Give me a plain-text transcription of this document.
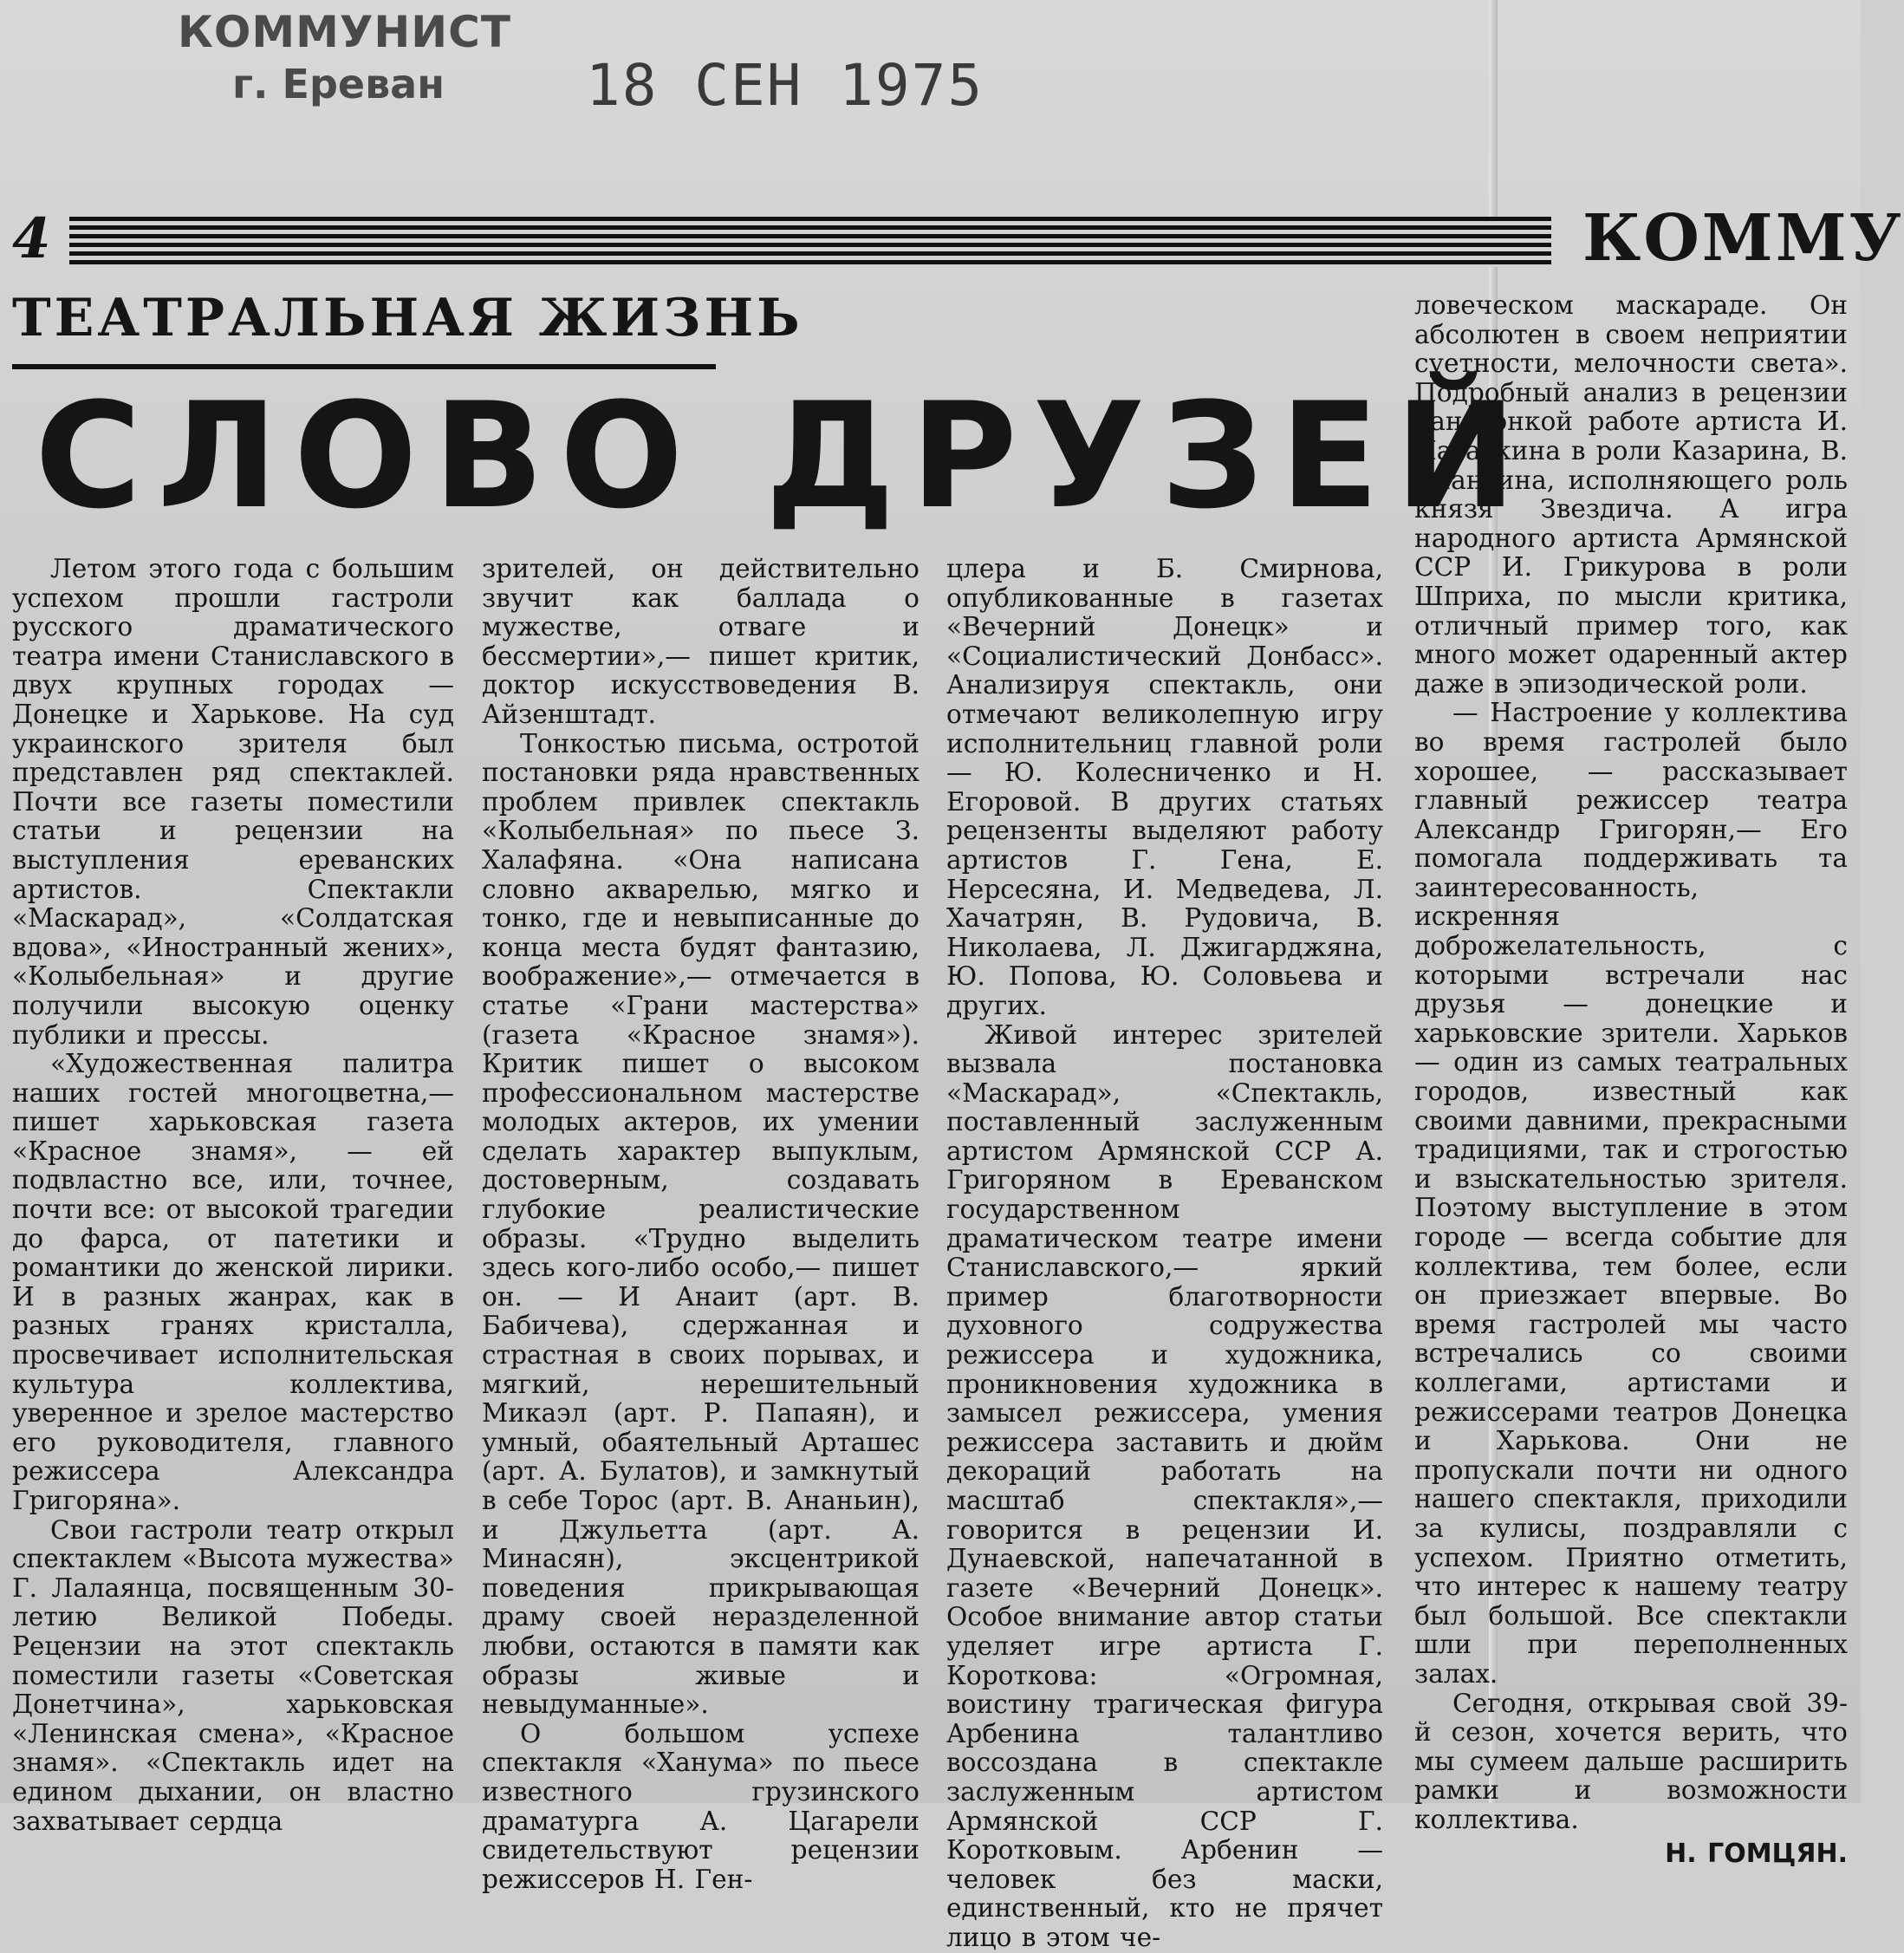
КОММУНИСТ
г. Ереван 18 СЕН 1975
4	КОММУ
ТЕАТРАЛЬНАЯ ЖИЗНЬ
СЛОВО ДРУЗЕЙ

Летом этого года с большим успехом прошли гастроли русского драматического театра имени Станиславского в двух крупных городах — Донецке и Харькове. На суд украинского зрителя был представлен ряд спектаклей. Почти все газеты поместили статьи и рецензии на выступления ереванских артистов. Спектакли «Маскарад», «Солдатская вдова», «Иностранный жених», «Колыбельная» и другие получили высокую оценку публики и прессы.

«Художественная палитра наших гостей многоцветна,— пишет харьковская газета «Красное знамя», — ей подвластно все, или, точнее, почти все: от высокой трагедии до фарса, от патетики и романтики до женской лирики. И в разных жанрах, как в разных гранях кристалла, просвечивает исполнительская культура коллектива, уверенное и зрелое мастерство его руководителя, главного режиссера Александра Григоряна».

Свои гастроли театр открыл спектаклем «Высота мужества» Г. Лалаянца, посвященным 30-летию Великой Победы. Рецензии на этот спектакль поместили газеты «Советская Донетчина», харьковская «Ленинская смена», «Красное знамя». «Спектакль идет на едином дыхании, он властно захватывает сердца

зрителей, он действительно звучит как баллада о мужестве, отваге и бессмертии»,— пишет критик, доктор искусствоведения В. Айзенштадт.

Тонкостью письма, остротой постановки ряда нравственных проблем привлек спектакль «Колыбельная» по пьесе З. Халафяна. «Она написана словно акварелью, мягко и тонко, где и невыписанные до конца места будят фантазию, воображение»,— отмечается в статье «Грани мастерства» (газета «Красное знамя»). Критик пишет о высоком профессиональном мастерстве молодых актеров, их умении сделать характер выпуклым, достоверным, создавать глубокие реалистические образы. «Трудно выделить здесь кого-либо особо,— пишет он. — И Анаит (арт. В. Бабичева), сдержанная и страстная в своих порывах, и мягкий, нерешительный Микаэл (арт. Р. Папаян), и умный, обаятельный Арташес (арт. А. Булатов), и замкнутый в себе Торос (арт. В. Ананьин), и Джульетта (арт. А. Минасян), эксцентрикой поведения прикрывающая драму своей неразделенной любви, остаются в памяти как образы живые и невыдуманные».

О большом успехе спектакля «Ханума» по пьесе известного грузинского драматурга А. Цагарели свидетельствуют рецензии режиссеров Н. Ген-

цлера и Б. Смирнова, опубликованные в газетах «Вечерний Донецк» и «Социалистический Донбасс». Анализируя спектакль, они отмечают великолепную игру исполнительниц главной роли — Ю. Колесниченко и Н. Егоровой. В других статьях рецензенты выделяют работу артистов Г. Гена, Е. Нерсесяна, И. Медведева, Л. Хачатрян, В. Рудовича, В. Николаева, Л. Джигарджяна, Ю. Попова, Ю. Соловьева и других.

Живой интерес зрителей вызвала постановка «Маскарад», «Спектакль, поставленный заслуженным артистом Армянской ССР А. Григоряном в Ереванском государственном драматическом театре имени Станиславского,— яркий пример благотворности духовного содружества режиссера и художника, проникновения художника в замысел режиссера, умения режиссера заставить и дюйм декораций работать на масштаб спектакля»,— говорится в рецензии И. Дунаевской, напечатанной в газете «Вечерний Донецк». Особое внимание автор статьи уделяет игре артиста Г. Короткова: «Огромная, воистину трагическая фигура Арбенина талантливо воссоздана в спектакле заслуженным артистом Армянской ССР Г. Коротковым. Арбенин — человек без маски, единственный, кто не прячет лицо в этом че-

ловеческом маскараде. Он абсолютен в своем неприятии суетности, мелочности света». Подробный анализ в рецензии дан тонкой работе артиста И. Нагавкина в роли Казарина, В. Ананьина, исполняющего роль князя Звездича. А игра народного артиста Армянской ССР И. Грикурова в роли Шприха, по мысли критика, отличный пример того, как много может одаренный актер даже в эпизодической роли.

— Настроение у коллектива во время гастролей было хорошее, — рассказывает главный режиссер театра Александр Григорян,— Его помогала поддерживать та заинтересованность, искренняя доброжелательность, с которыми встречали нас друзья — донецкие и харьковские зрители. Харьков — один из самых театральных городов, известный как своими давними, прекрасными традициями, так и строгостью и взыскательностью зрителя. Поэтому выступление в этом городе — всегда событие для коллектива, тем более, если он приезжает впервые. Во время гастролей мы часто встречались со своими коллегами, артистами и режиссерами театров Донецка и Харькова. Они не пропускали почти ни одного нашего спектакля, приходили за кулисы, поздравляли с успехом. Приятно отметить, что интерес к нашему театру был большой. Все спектакли шли при переполненных залах.

Сегодня, открывая свой 39-й сезон, хочется верить, что мы сумеем дальше расширить рамки и возможности коллектива.

Н. ГОМЦЯН.
